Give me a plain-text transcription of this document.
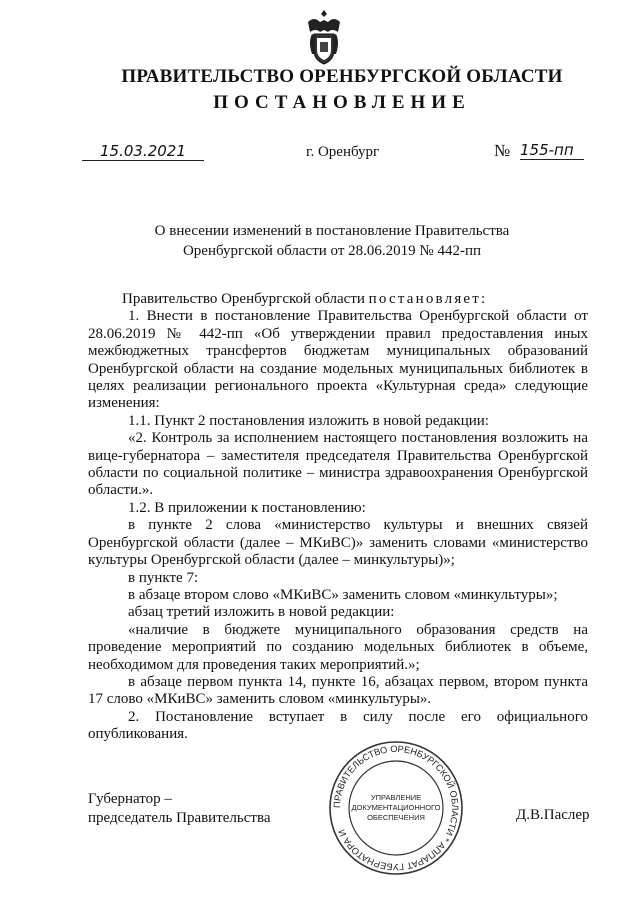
ПРАВИТЕЛЬСТВО ОРЕНБУРГСКОЙ ОБЛАСТИ
ПОСТАНОВЛЕНИЕ
15.03.2021	г. Оренбург	№ 155-пп
О внесении изменений в постановление Правительства
Оренбургской области от 28.06.2019 № 442-пп

Правительство Оренбургской области постановляет:

1. Внести в постановление Правительства Оренбургской области от 28.06.2019 № 442-пп «Об утверждении правил предоставления иных межбюджетных трансфертов бюджетам муниципальных образований Оренбургской области на создание модельных муниципальных библиотек в целях реализации регионального проекта «Культурная среда» следующие изменения:

1.1. Пункт 2 постановления изложить в новой редакции:

«2. Контроль за исполнением настоящего постановления возложить на вице-губернатора – заместителя председателя Правительства Оренбургской области по социальной политике – министра здравоохранения Оренбургской области.».

1.2. В приложении к постановлению:

в пункте 2 слова «министерство культуры и внешних связей Оренбургской области (далее – МКиВС)» заменить словами «министерство культуры Оренбургской области (далее – минкультуры)»;

в пункте 7:

в абзаце втором слово «МКиВС» заменить словом «минкультуры»;

абзац третий изложить в новой редакции:

«наличие в бюджете муниципального образования средств на проведение мероприятий по созданию модельных библиотек в объеме, необходимом для проведения таких мероприятий.»;

в абзаце первом пункта 14, пункте 16, абзацах первом, втором пункта 17 слово «МКиВС» заменить словом «минкультуры».

2. Постановление вступает в силу после его официального опубликования.

Губернатор –
председатель Правительства	Д.В.Паслер
ПРАВИТЕЛЬСТВО ОРЕНБУРГСКОЙ ОБЛАСТИ * АППАРАТ ГУБЕРНАТОРА И
УПРАВЛЕНИЕ
ДОКУМЕНТАЦИОННОГО
ОБЕСПЕЧЕНИЯ
